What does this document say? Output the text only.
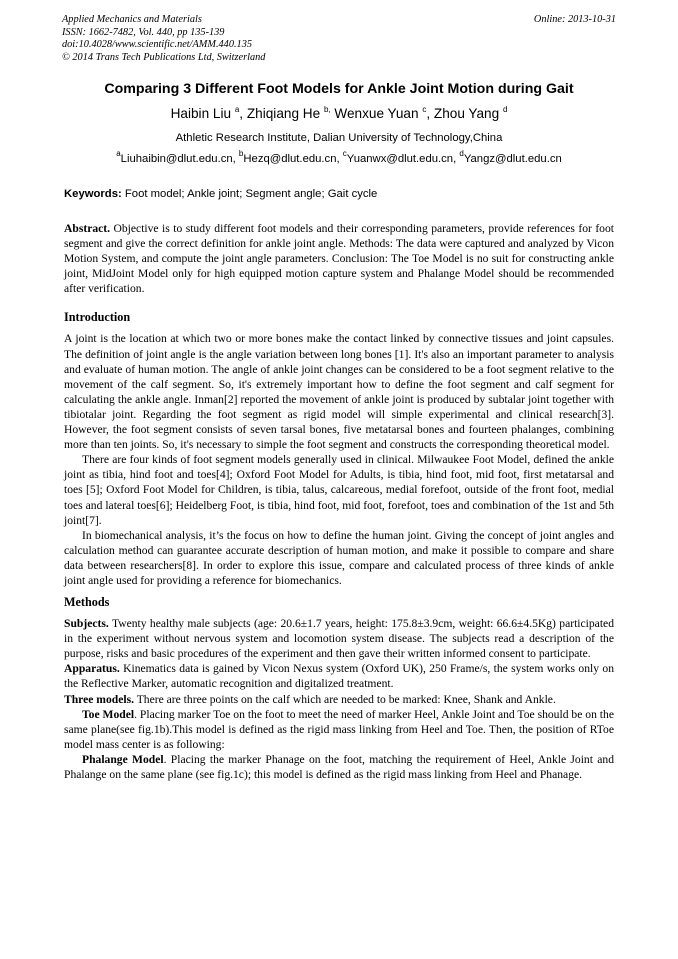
Applied Mechanics and Materials
ISSN: 1662-7482, Vol. 440, pp 135-139
doi:10.4028/www.scientific.net/AMM.440.135
© 2014 Trans Tech Publications Ltd, Switzerland
Online: 2013-10-31
Comparing 3 Different Foot Models for Ankle Joint Motion during Gait
Haibin Liu $^a$, Zhiqiang He $^{b,}$ Wenxue Yuan $^c$, Zhou Yang $^d$
Athletic Research Institute, Dalian University of Technology,China
$^a$Liuhaibin@dlut.edu.cn, $^b$Hezq@dlut.edu.cn, $^c$Yuanwx@dlut.edu.cn, $^d$Yangz@dlut.edu.cn
Keywords: Foot model; Ankle joint; Segment angle; Gait cycle

Abstract. Objective is to study different foot models and their corresponding parameters, provide references for foot segment and give the correct definition for ankle joint angle. Methods: The data were captured and analyzed by Vicon Motion System, and compute the joint angle parameters. Conclusion: The Toe Model is no suit for constructing ankle joint, MidJoint Model only for high equipped motion capture system and Phalange Model should be recommended after verification.

Introduction

A joint is the location at which two or more bones make the contact linked by connective tissues and joint capsules. The definition of joint angle is the angle variation between long bones [1]. It's also an important parameter to analysis and evaluate of human motion. The angle of ankle joint changes can be considered to be a foot segment relative to the movement of the calf segment. So, it's extremely important how to define the foot segment and calf segment for calculating the ankle angle. Inman[2] reported the movement of ankle joint is produced by subtalar joint together with tibiotalar joint. Regarding the foot segment as rigid model will simple experimental and clinical research[3]. However, the foot segment consists of seven tarsal bones, five metatarsal bones and fourteen phalanges, combining more than ten joints. So, it's necessary to simple the foot segment and constructs the corresponding theoretical model.

There are four kinds of foot segment models generally used in clinical. Milwaukee Foot Model, defined the ankle joint as tibia, hind foot and toes[4]; Oxford Foot Model for Adults, is tibia, hind foot, mid foot, first metatarsal and toes [5]; Oxford Foot Model for Children, is tibia, talus, calcareous, medial forefoot, outside of the front foot, medial toes and lateral toes[6]; Heidelberg Foot, is tibia, hind foot, mid foot, forefoot, toes and combination of the 1st and 5th joint[7].

In biomechanical analysis, it’s the focus on how to define the human joint. Giving the concept of joint angles and calculation method can guarantee accurate description of human motion, and make it possible to compare and share data between researchers[8]. In order to explore this issue, compare and calculated process of three kinds of ankle joint angle used for providing a reference for biomechanics.

Methods

Subjects. Twenty healthy male subjects (age: 20.6±1.7 years, height: 175.8±3.9cm, weight: 66.6±4.5Kg) participated in the experiment without nervous system and locomotion system disease. The subjects read a description of the purpose, risks and basic procedures of the experiment and then gave their written informed consent to participate.

Apparatus. Kinematics data is gained by Vicon Nexus system (Oxford UK), 250 Frame/s, the system works only on the Reflective Marker, automatic recognition and digitalized treatment.

Three models. There are three points on the calf which are needed to be marked: Knee, Shank and Ankle.

Toe Model. Placing marker Toe on the foot to meet the need of marker Heel, Ankle Joint and Toe should be on the same plane(see fig.1b).This model is defined as the rigid mass linking from Heel and Toe. Then, the position of RToe model mass center is as following:

Phalange Model. Placing the marker Phanage on the foot, matching the requirement of Heel, Ankle Joint and Phalange on the same plane (see fig.1c); this model is defined as the rigid mass linking from Heel and Phanage.
